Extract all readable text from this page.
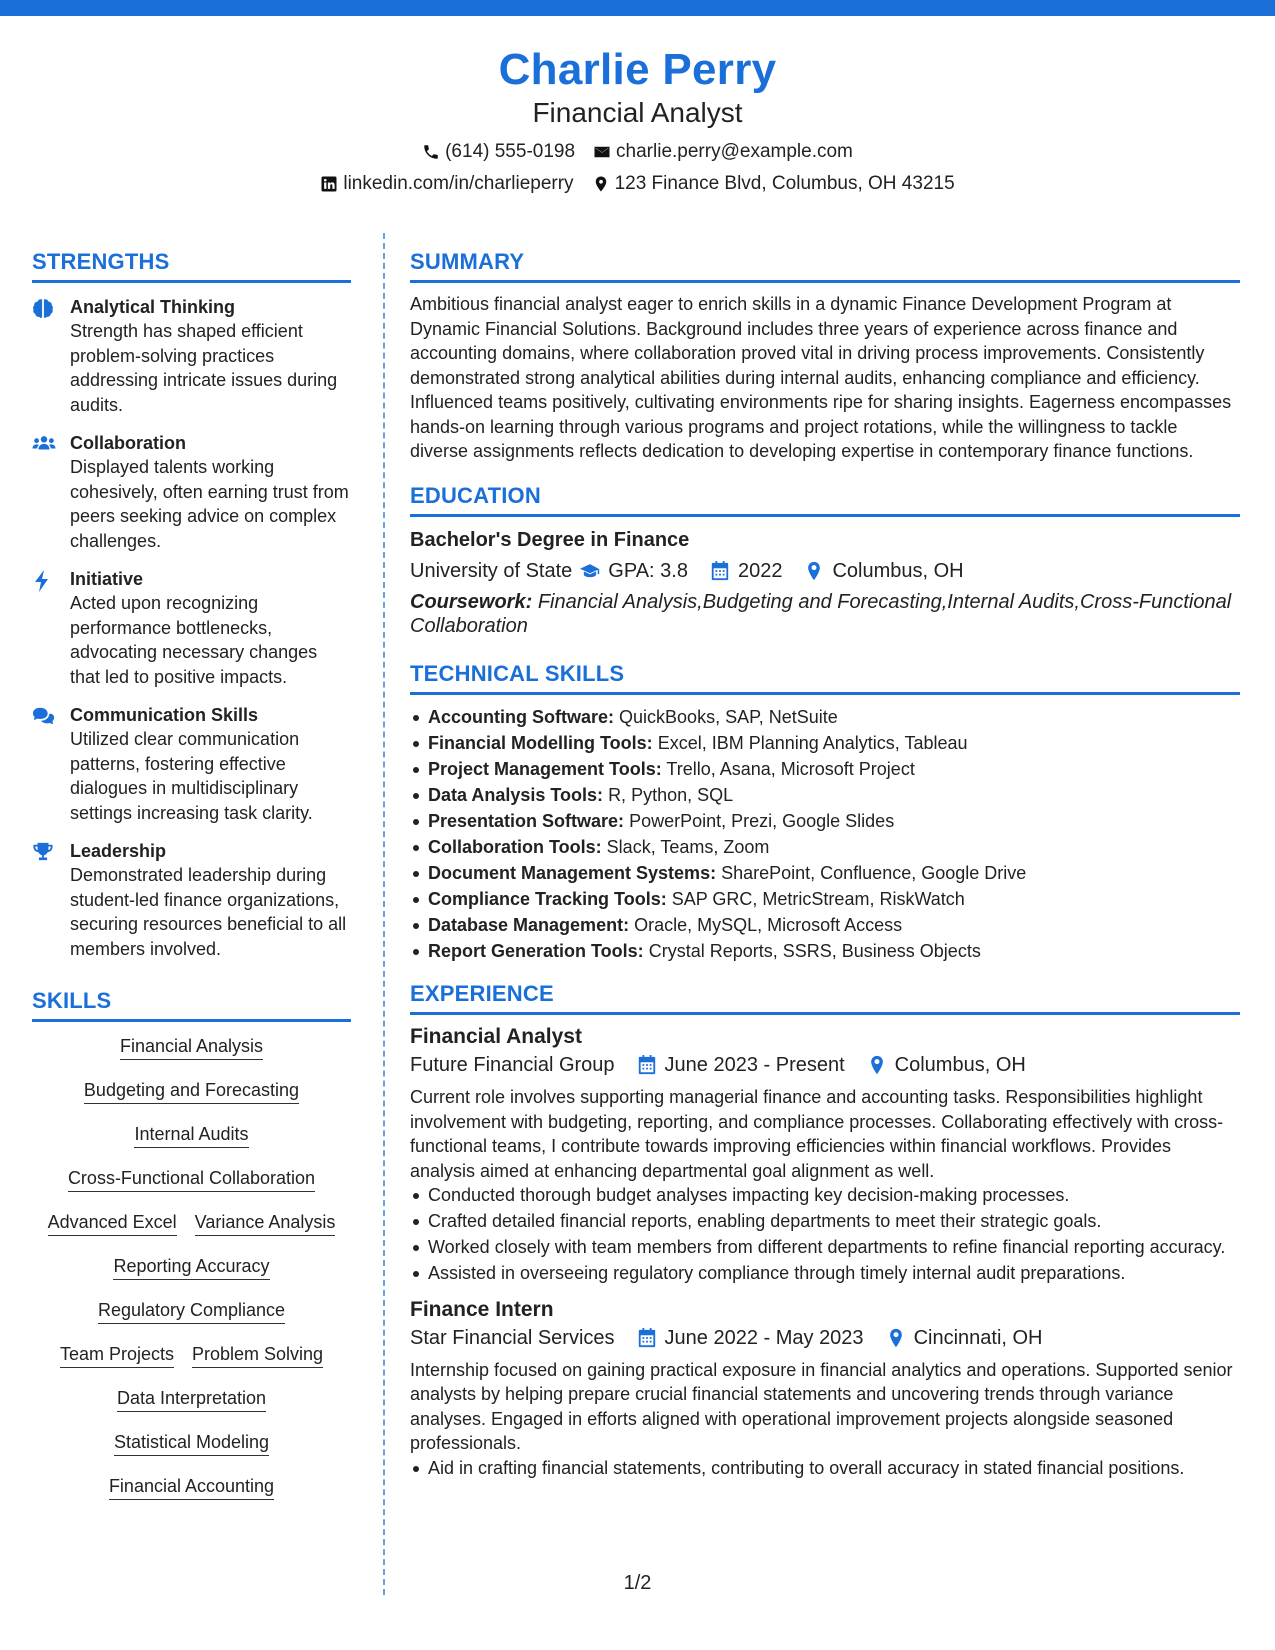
Charlie Perry
Financial Analyst
(614) 555-0198 charlie.perry@example.com
linkedin.com/in/charlieperry 123 Finance Blvd, Columbus, OH 43215
STRENGTHS
Analytical Thinking
Strength has shaped efficient problem-solving practices addressing intricate issues during audits.
Collaboration
Displayed talents working cohesively, often earning trust from peers seeking advice on complex challenges.
Initiative
Acted upon recognizing performance bottlenecks, advocating necessary changes that led to positive impacts.
Communication Skills
Utilized clear communication patterns, fostering effective dialogues in multidisciplinary settings increasing task clarity.
Leadership
Demonstrated leadership during student-led finance organizations, securing resources beneficial to all members involved.
SKILLS
Financial Analysis
Budgeting and Forecasting
Internal Audits
Cross-Functional Collaboration
Advanced Excel Variance Analysis
Reporting Accuracy
Regulatory Compliance
Team Projects Problem Solving
Data Interpretation
Statistical Modeling
Financial Accounting
SUMMARY
Ambitious financial analyst eager to enrich skills in a dynamic Finance Development Program at Dynamic Financial Solutions. Background includes three years of experience across finance and accounting domains, where collaboration proved vital in driving process improvements. Consistently demonstrated strong analytical abilities during internal audits, enhancing compliance and efficiency. Influenced teams positively, cultivating environments ripe for sharing insights. Eagerness encompasses hands-on learning through various programs and project rotations, while the willingness to tackle diverse assignments reflects dedication to developing expertise in contemporary finance functions.
EDUCATION
Bachelor's Degree in Finance
University of State GPA: 3.8	2022	Columbus, OH
Coursework: Financial Analysis,Budgeting and Forecasting,Internal Audits,Cross-Functional Collaboration
TECHNICAL SKILLS
Accounting Software: QuickBooks, SAP, NetSuite
Financial Modelling Tools: Excel, IBM Planning Analytics, Tableau
Project Management Tools: Trello, Asana, Microsoft Project
Data Analysis Tools: R, Python, SQL
Presentation Software: PowerPoint, Prezi, Google Slides
Collaboration Tools: Slack, Teams, Zoom
Document Management Systems: SharePoint, Confluence, Google Drive
Compliance Tracking Tools: SAP GRC, MetricStream, RiskWatch
Database Management: Oracle, MySQL, Microsoft Access
Report Generation Tools: Crystal Reports, SSRS, Business Objects
EXPERIENCE
Financial Analyst
Future Financial Group	June 2023 - Present	Columbus, OH
Current role involves supporting managerial finance and accounting tasks. Responsibilities highlight involvement with budgeting, reporting, and compliance processes. Collaborating effectively with cross-functional teams, I contribute towards improving efficiencies within financial workflows. Provides analysis aimed at enhancing departmental goal alignment as well.
Conducted thorough budget analyses impacting key decision-making processes.
Crafted detailed financial reports, enabling departments to meet their strategic goals.
Worked closely with team members from different departments to refine financial reporting accuracy.
Assisted in overseeing regulatory compliance through timely internal audit preparations.
Finance Intern
Star Financial Services	June 2022 - May 2023	Cincinnati, OH
Internship focused on gaining practical exposure in financial analytics and operations. Supported senior analysts by helping prepare crucial financial statements and uncovering trends through variance analyses. Engaged in efforts aligned with operational improvement projects alongside seasoned professionals.
Aid in crafting financial statements, contributing to overall accuracy in stated financial positions.
1/2
